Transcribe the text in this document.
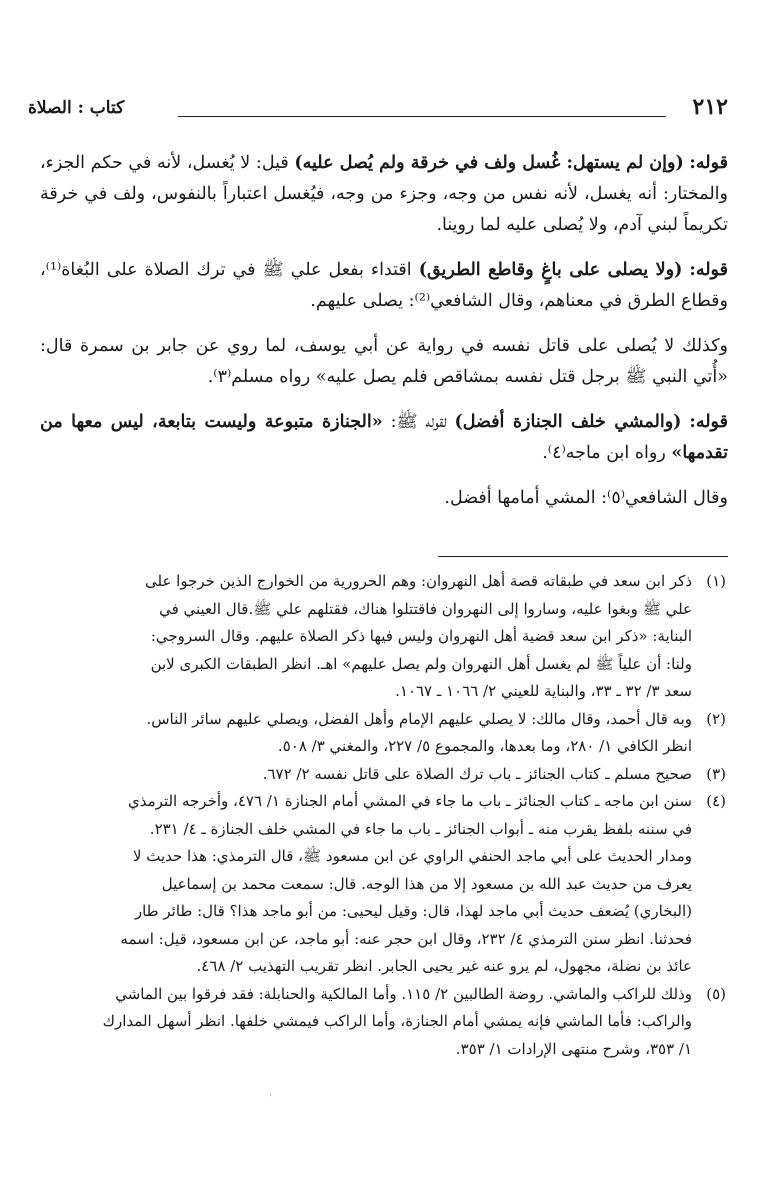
٢١٢
كتاب : الصلاة

قوله: (وإن لم يستهل: غُسل ولف في خرقة ولم يُصل عليه) قيل: لا يُغسل، لأنه في حكم الجزء، والمختار: أنه يغسل، لأنه نفس من وجه، وجزء من وجه، فيُغسل اعتباراً بالنفوس، ولف في خرقة تكريماً لبني آدم، ولا يُصلى عليه لما روينا.

قوله: (ولا يصلى على باغٍ وقاطع الطريق) اقتداء بفعل علي ﷺ في ترك الصلاة على البُغاة⁽¹⁾، وقطاع الطرق في معناهم، وقال الشافعي⁽²⁾: يصلى عليهم.

وكذلك لا يُصلى على قاتل نفسه في رواية عن أبي يوسف، لما روي عن جابر بن سمرة قال: «أُتي النبي ﷺ برجل قتل نفسه بمشاقص فلم يصل عليه» رواه مسلم⁽٣⁾.

قوله: (والمشي خلف الجنازة أفضل) لقوله ﷺ: «الجنازة متبوعة وليست بتابعة، ليس معها من تقدمها» رواه ابن ماجه⁽٤⁾.

وقال الشافعي⁽٥⁾: المشي أمامها أفضل.

(١)
ذكر ابن سعد في طبقاته قصة أهل النهروان: وهم الحرورية من الخوارج الذين خرجوا على
علي ﷺ وبغوا عليه، وساروا إلى النهروان فاقتتلوا هناك، فقتلهم علي ﷺ.قال العيني في
البناية: «ذكر ابن سعد قضية أهل النهروان وليس فيها ذكر الصلاة عليهم. وقال السروجي:
ولنا: أن علياً ﷺ لم يغسل أهل النهروان ولم يصل عليهم» اهـ. انظر الطبقات الكبرى لابن
سعد ٣/ ٣٢ ـ ٣٣، والبناية للعيني ٢/ ١٠٦٦ ـ ١٠٦٧.
(٢)
وبه قال أحمد، وقال مالك: لا يصلي عليهم الإمام وأهل الفضل، ويصلي عليهم سائر الناس.
انظر الكافي ١/ ٢٨٠، وما بعدها، والمجموع ٥/ ٢٢٧، والمغني ٣/ ٥٠٨.
(٣)
صحيح مسلم ـ كتاب الجنائز ـ باب ترك الصلاة على قاتل نفسه ٢/ ٦٧٢.
(٤)
سنن ابن ماجه ـ كتاب الجنائز ـ باب ما جاء في المشي أمام الجنازة ١/ ٤٧٦، وأخرجه الترمذي
في سننه بلفظ يقرب منه ـ أبواب الجنائز ـ باب ما جاء في المشي خلف الجنازة ـ ٤/ ٢٣١.
ومدار الحديث على أبي ماجد الحنفي الراوي عن ابن مسعود ﷺ، قال الترمذي: هذا حديث لا
يعرف من حديث عبد الله بن مسعود إلا من هذا الوجه. قال: سمعت محمد بن إسماعيل
(البخاري) يُضعف حديث أبي ماجد لهذا، قال: وقيل ليحيى: من أبو ماجد هذا؟ قال: طائر طار
فحدثنا. انظر سنن الترمذي ٤/ ٢٣٢، وقال ابن حجر عنه: أبو ماجد، عن ابن مسعود، قيل: اسمه
عائذ بن نضلة، مجهول، لم يرو عنه غير يحيى الجابر. انظر تقريب التهذيب ٢/ ٤٦٨.
(٥)
وذلك للراكب والماشي. روضة الطالبين ٢/ ١١٥. وأما المالكية والحنابلة: فقد فرقوا بين الماشي
والراكب: فأما الماشي فإنه يمشي أمام الجنازة، وأما الراكب فيمشي خلفها. انظر أسهل المدارك
١/ ٣٥٣، وشرح منتهى الإرادات ١/ ٣٥٣.
'
